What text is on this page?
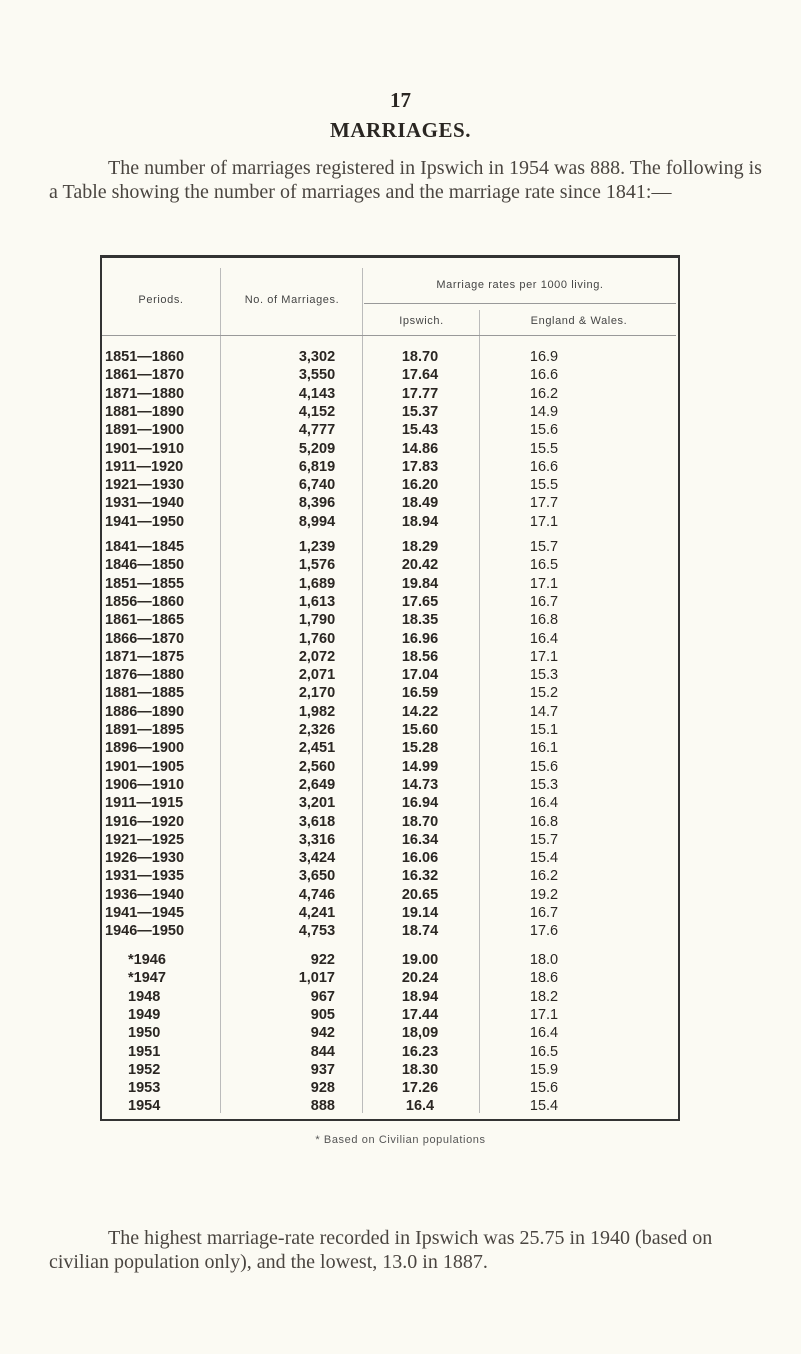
17
MARRIAGES.
The number of marriages registered in Ipswich in 1954 was 888. The following is a Table showing the number of marriages and the marriage rate since 1841:—
Periods.	No. of Marriages.
Marriage rates per 1000 living.
Ipswich.	England & Wales.
1851—1860	3,302	18.70	16.9
1861—1870	3,550	17.64	16.6
1871—1880	4,143	17.77	16.2
1881—1890	4,152	15.37	14.9
1891—1900	4,777	15.43	15.6
1901—1910	5,209	14.86	15.5
1911—1920	6,819	17.83	16.6
1921—1930	6,740	16.20	15.5
1931—1940	8,396	18.49	17.7
1941—1950	8,994	18.94	17.1
1841—1845	1,239	18.29	15.7
1846—1850	1,576	20.42	16.5
1851—1855	1,689	19.84	17.1
1856—1860	1,613	17.65	16.7
1861—1865	1,790	18.35	16.8
1866—1870	1,760	16.96	16.4
1871—1875	2,072	18.56	17.1
1876—1880	2,071	17.04	15.3
1881—1885	2,170	16.59	15.2
1886—1890	1,982	14.22	14.7
1891—1895	2,326	15.60	15.1
1896—1900	2,451	15.28	16.1
1901—1905	2,560	14.99	15.6
1906—1910	2,649	14.73	15.3
1911—1915	3,201	16.94	16.4
1916—1920	3,618	18.70	16.8
1921—1925	3,316	16.34	15.7
1926—1930	3,424	16.06	15.4
1931—1935	3,650	16.32	16.2
1936—1940	4,746	20.65	19.2
1941—1945	4,241	19.14	16.7
1946—1950	4,753	18.74	17.6
*1946	922	19.00	18.0
*1947	1,017	20.24	18.6
1948	967	18.94	18.2
1949	905	17.44	17.1
1950	942	18,09	16.4
1951	844	16.23	16.5
1952	937	18.30	15.9
1953	928	17.26	15.6
1954	888	16.4	15.4
* Based on Civilian populations
The highest marriage-rate recorded in Ipswich was 25.75 in 1940 (based on civilian population only), and the lowest, 13.0 in 1887.
